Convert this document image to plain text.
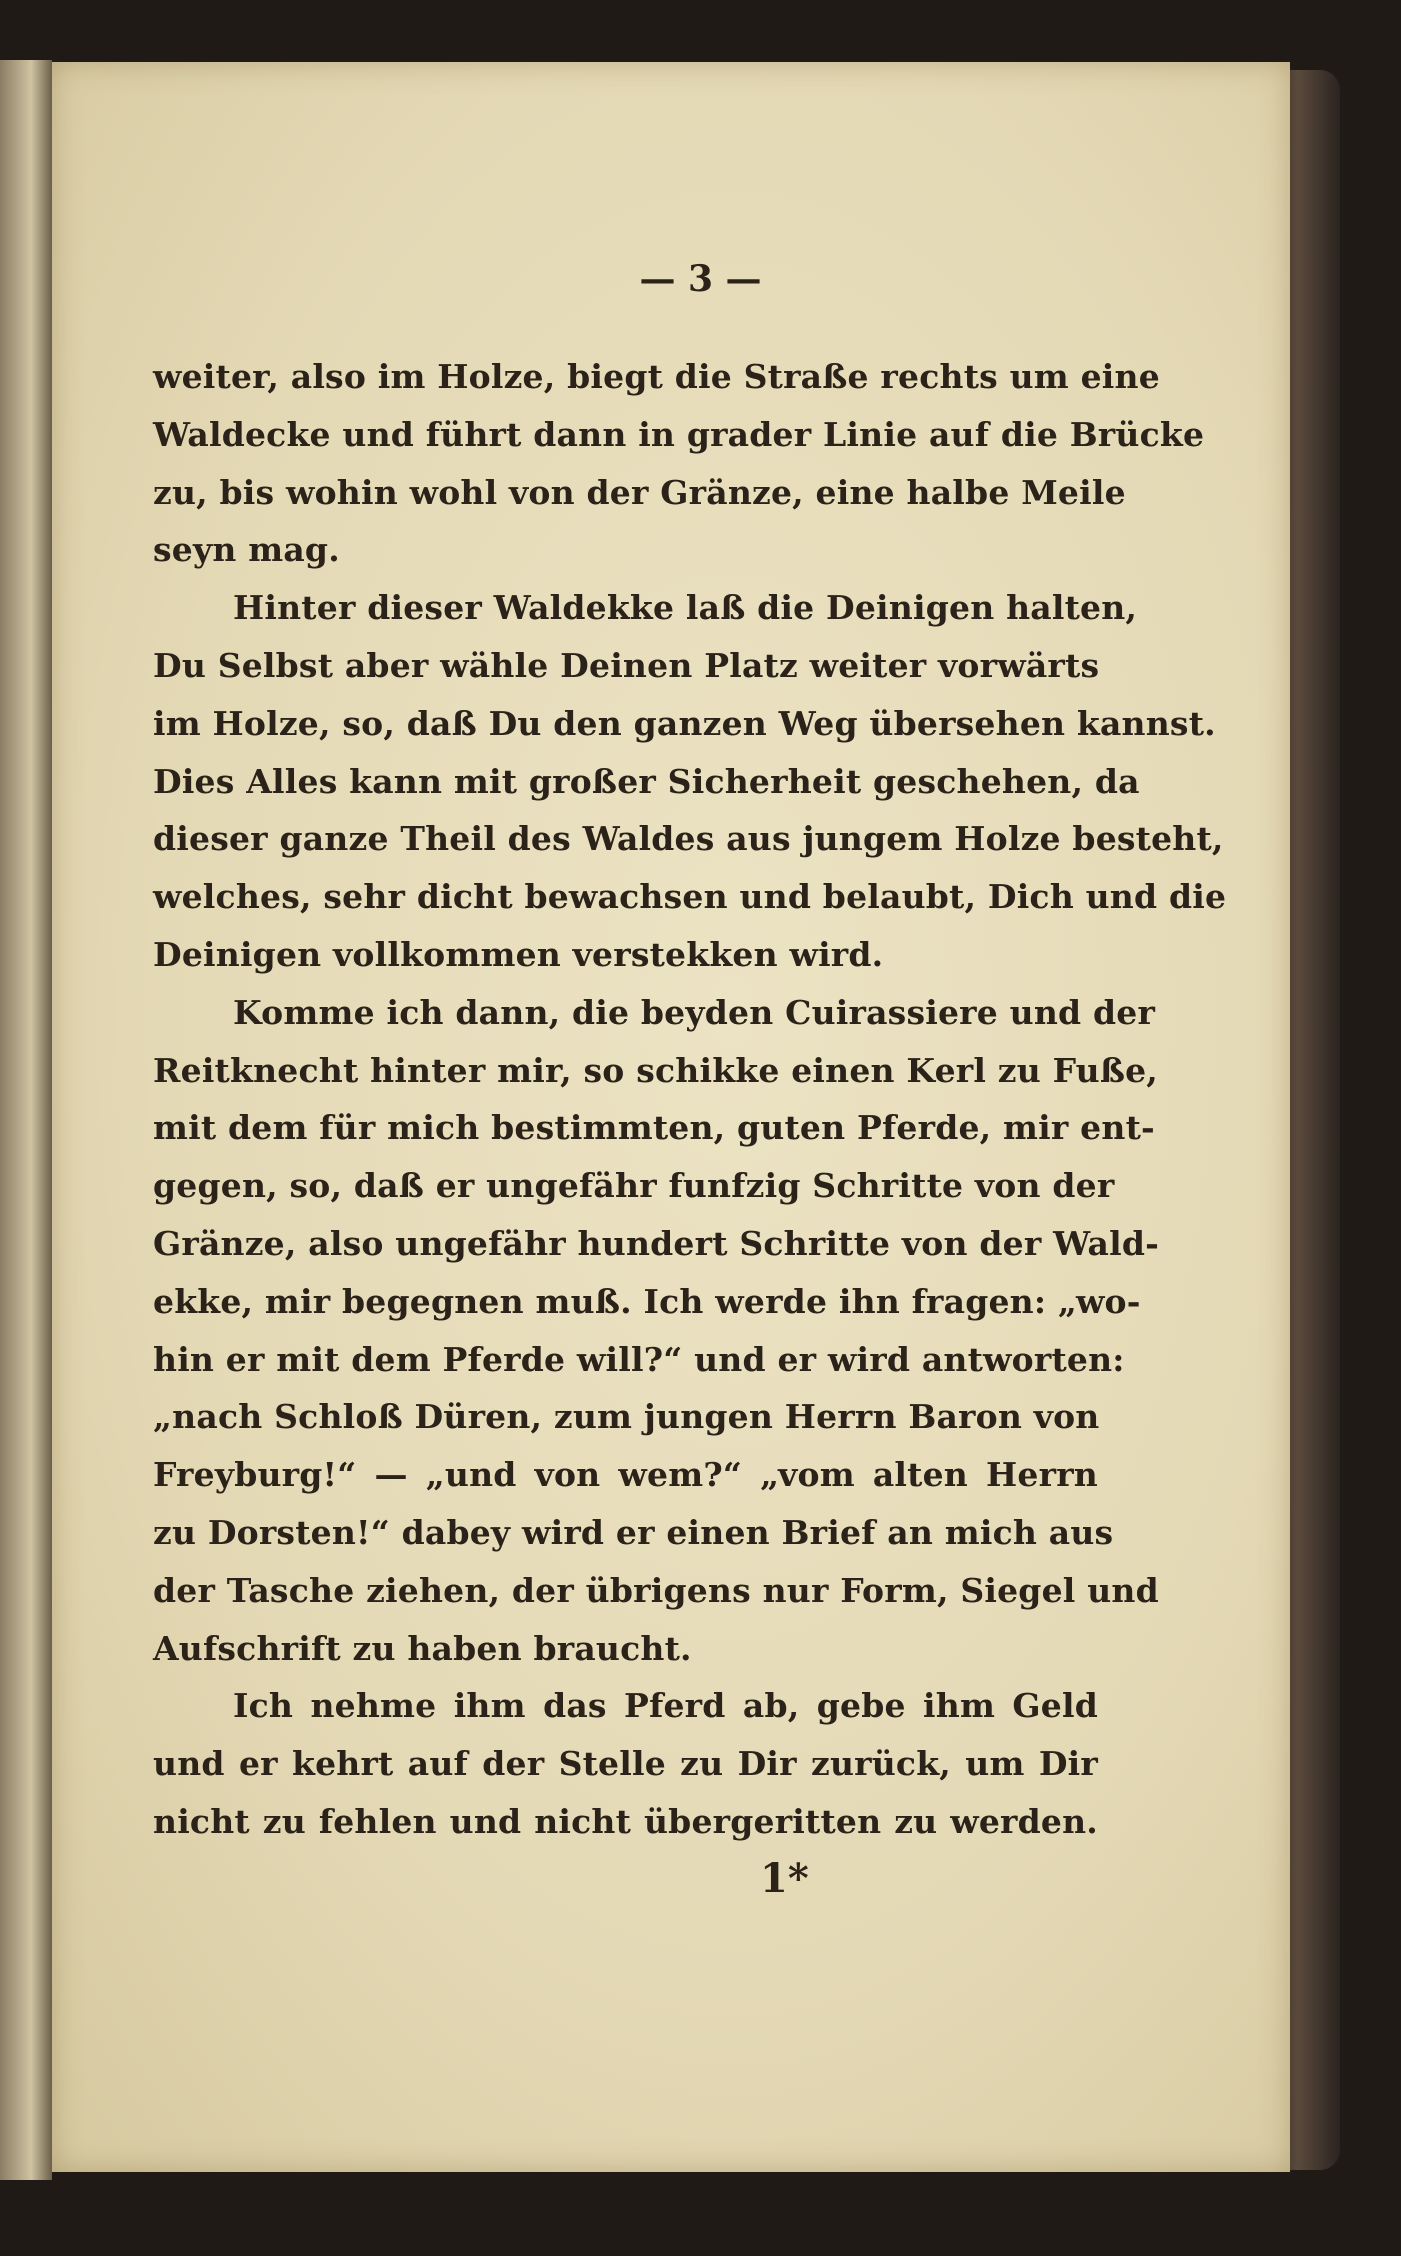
— 3 —
weiter, also im Holze, biegt die Straße rechts um eine
Waldecke und führt dann in grader Linie auf die Brücke
zu, bis wohin wohl von der Gränze, eine halbe Meile
seyn mag.
Hinter dieser Waldekke laß die Deinigen halten,
Du Selbst aber wähle Deinen Platz weiter vorwärts
im Holze, so, daß Du den ganzen Weg übersehen kannst.
Dies Alles kann mit großer Sicherheit geschehen, da
dieser ganze Theil des Waldes aus jungem Holze besteht,
welches, sehr dicht bewachsen und belaubt, Dich und die
Deinigen vollkommen verstekken wird.
Komme ich dann, die beyden Cuirassiere und der
Reitknecht hinter mir, so schikke einen Kerl zu Fuße,
mit dem für mich bestimmten, guten Pferde, mir ent-
gegen, so, daß er ungefähr funfzig Schritte von der
Gränze, also ungefähr hundert Schritte von der Wald-
ekke, mir begegnen muß. Ich werde ihn fragen: „wo-
hin er mit dem Pferde will?“ und er wird antworten:
„nach Schloß Düren, zum jungen Herrn Baron von
Freyburg!“ — „und von wem?“ „vom alten Herrn
zu Dorsten!“ dabey wird er einen Brief an mich aus
der Tasche ziehen, der übrigens nur Form, Siegel und
Aufschrift zu haben braucht.
Ich nehme ihm das Pferd ab, gebe ihm Geld
und er kehrt auf der Stelle zu Dir zurück, um Dir
nicht zu fehlen und nicht übergeritten zu werden.
1*
